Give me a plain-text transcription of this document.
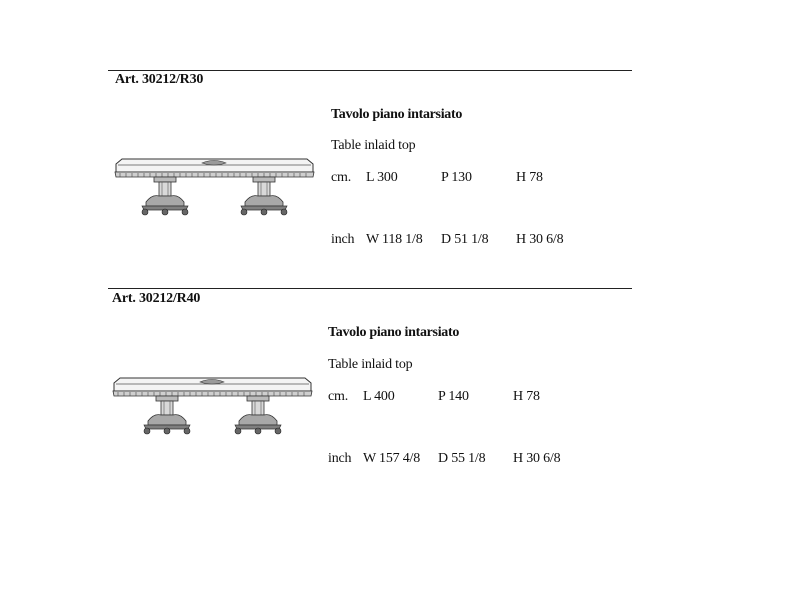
Art. 30212/R30
Tavolo piano intarsiato
Table inlaid top
cm. L 300	P 130	H 78
inch W 118 1/8 D 51 1/8 H 30 6/8
Art. 30212/R40
Tavolo piano intarsiato
Table inlaid top
cm. L 400	P 140	H 78
inch W 157 4/8 D 55 1/8 H 30 6/8
